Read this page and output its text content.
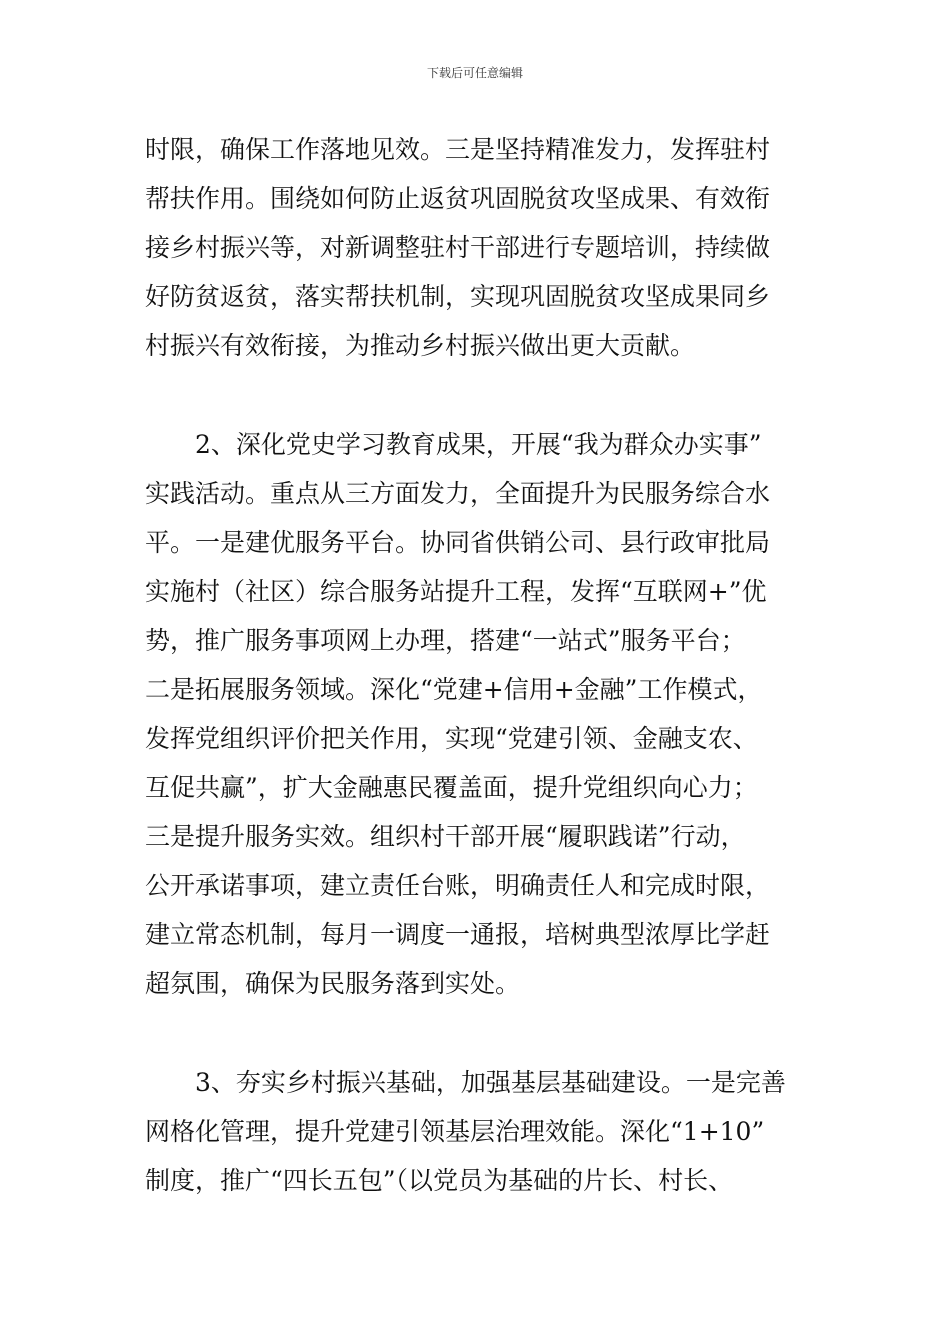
下载后可任意编辑
时限，确保工作落地见效。三是坚持精准发力，发挥驻村
帮扶作用。围绕如何防止返贫巩固脱贫攻坚成果、有效衔
接乡村振兴等，对新调整驻村干部进行专题培训，持续做
好防贫返贫，落实帮扶机制，实现巩固脱贫攻坚成果同乡
村振兴有效衔接，为推动乡村振兴做出更大贡献。
2、深化党史学习教育成果，开展“我为群众办实事”
实践活动。重点从三方面发力，全面提升为民服务综合水
平。一是建优服务平台。协同省供销公司、县行政审批局
实施村（社区）综合服务站提升工程，发挥“互联网+”优
势，推广服务事项网上办理，搭建“一站式”服务平台；
二是拓展服务领域。深化“党建+信用+金融”工作模式，
发挥党组织评价把关作用，实现“党建引领、金融支农、
互促共赢”，扩大金融惠民覆盖面，提升党组织向心力；
三是提升服务实效。组织村干部开展“履职践诺”行动，
公开承诺事项，建立责任台账，明确责任人和完成时限，
建立常态机制，每月一调度一通报，培树典型浓厚比学赶
超氛围，确保为民服务落到实处。
3、夯实乡村振兴基础，加强基层基础建设。一是完善
网格化管理，提升党建引领基层治理效能。深化“1+10”
制度，推广“四长五包”（以党员为基础的片长、村长、
